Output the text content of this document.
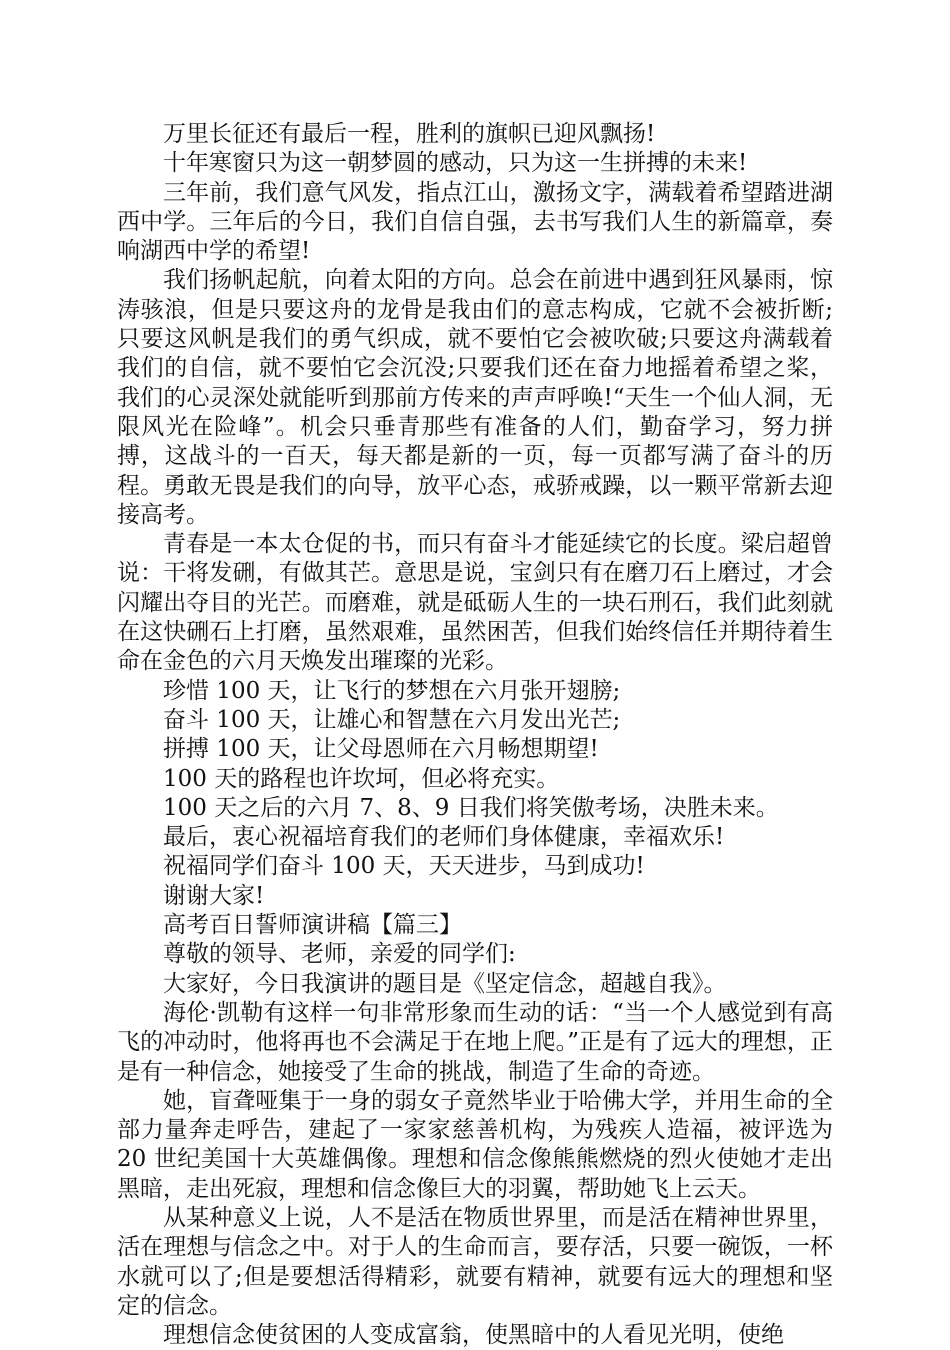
万里长征还有最后一程，胜利的旗帜已迎风飘扬!

十年寒窗只为这一朝梦圆的感动，只为这一生拼搏的未来!

三年前，我们意气风发，指点江山，激扬文字，满载着希望踏进湖西中学。三年后的今日，我们自信自强，去书写我们人生的新篇章，奏响湖西中学的希望!

我们扬帆起航，向着太阳的方向。总会在前进中遇到狂风暴雨，惊涛骇浪，但是只要这舟的龙骨是我由们的意志构成，它就不会被折断;只要这风帆是我们的勇气织成，就不要怕它会被吹破;只要这舟满载着我们的自信，就不要怕它会沉没;只要我们还在奋力地摇着希望之桨，我们的心灵深处就能听到那前方传来的声声呼唤!“天生一个仙人洞，无限风光在险峰”。机会只垂青那些有准备的人们，勤奋学习，努力拼搏，这战斗的一百天，每天都是新的一页，每一页都写满了奋斗的历程。勇敢无畏是我们的向导，放平心态，戒骄戒躁，以一颗平常新去迎接高考。

青春是一本太仓促的书，而只有奋斗才能延续它的长度。梁启超曾说：干将发硎，有做其芒。意思是说，宝剑只有在磨刀石上磨过，才会闪耀出夺目的光芒。而磨难，就是砥砺人生的一块石刑石，我们此刻就在这快硎石上打磨，虽然艰难，虽然困苦，但我们始终信任并期待着生命在金色的六月天焕发出璀璨的光彩。

珍惜 100 天，让飞行的梦想在六月张开翅膀;

奋斗 100 天，让雄心和智慧在六月发出光芒;

拼搏 100 天，让父母恩师在六月畅想期望!

100 天的路程也许坎坷，但必将充实。

100 天之后的六月 7、8、9 日我们将笑傲考场，决胜未来。

最后，衷心祝福培育我们的老师们身体健康，幸福欢乐!

祝福同学们奋斗 100 天，天天进步，马到成功!

谢谢大家!

高考百日誓师演讲稿【篇三】

尊敬的领导、老师，亲爱的同学们:

大家好，今日我演讲的题目是《坚定信念，超越自我》。

海伦·凯勒有这样一句非常形象而生动的话：“当一个人感觉到有高飞的冲动时，他将再也不会满足于在地上爬。”正是有了远大的理想，正是有一种信念，她接受了生命的挑战，制造了生命的奇迹。

她，盲聋哑集于一身的弱女子竟然毕业于哈佛大学，并用生命的全部力量奔走呼告，建起了一家家慈善机构，为残疾人造福，被评选为 20 世纪美国十大英雄偶像。理想和信念像熊熊燃烧的烈火使她才走出黑暗，走出死寂，理想和信念像巨大的羽翼，帮助她飞上云天。

从某种意义上说，人不是活在物质世界里，而是活在精神世界里，活在理想与信念之中。对于人的生命而言，要存活，只要一碗饭，一杯水就可以了;但是要想活得精彩，就要有精神，就要有远大的理想和坚定的信念。

理想信念使贫困的人变成富翁，使黑暗中的人看见光明，使绝
